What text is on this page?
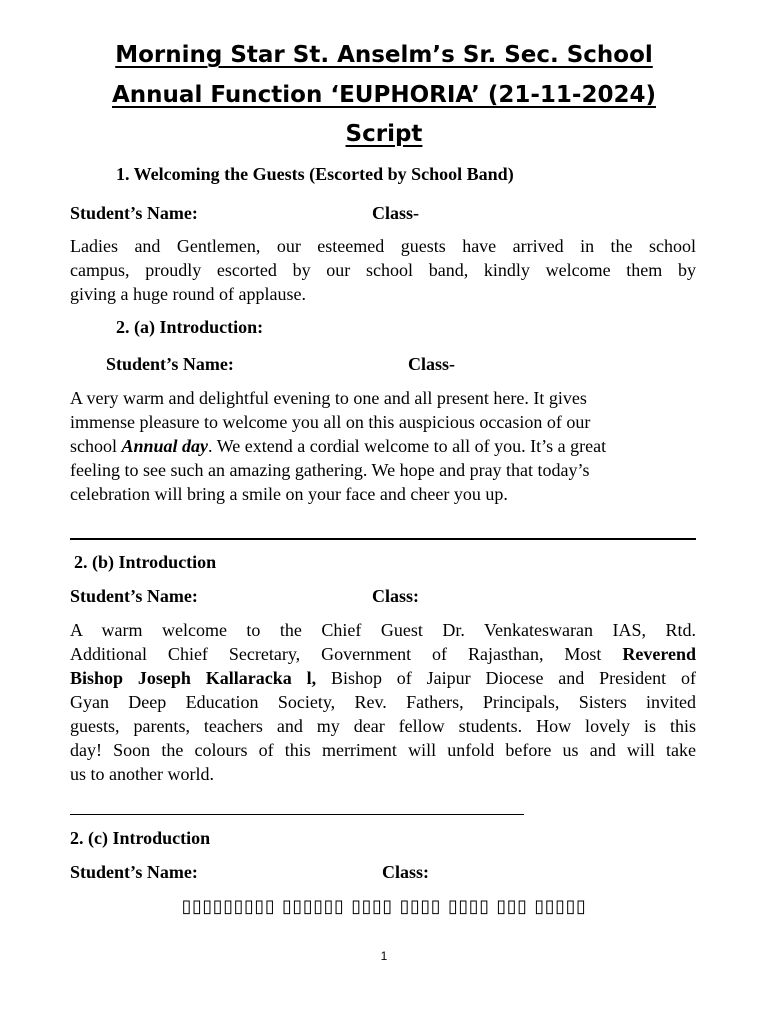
Morning Star St. Anselm’s Sr. Sec. School
Annual Function ‘EUPHORIA’ (21-11-2024)
Script
1. Welcoming the Guests (Escorted by School Band)
Student’s Name:	Class-
Ladies and Gentlemen, our esteemed guests have arrived in the school
campus, proudly escorted by our school band, kindly welcome them by
giving a huge round of applause.
2. (a) Introduction:
Student’s Name:	Class-
A very warm and delightful evening to one and all present here. It gives
immense pleasure to welcome you all on this auspicious occasion of our
school Annual day. We extend a cordial welcome to all of you. It’s a great
feeling to see such an amazing gathering. We hope and pray that today’s
celebration will bring a smile on your face and cheer you up.
2. (b) Introduction
Student’s Name:	Class:
A warm welcome to the Chief Guest Dr. Venkateswaran IAS, Rtd.
Additional Chief Secretary, Government of Rajasthan, Most Reverend
Bishop Joseph Kallaracka l, Bishop of Jaipur Diocese and President of
Gyan Deep Education Society, Rev. Fathers, Principals, Sisters invited
guests, parents, teachers and my dear fellow students. How lovely is this
day! Soon the colours of this merriment will unfold before us and will take
us to another world.
2. (c) Introduction
Student’s Name:	Class:
▯▯▯▯▯▯▯▯▯ ▯▯▯▯▯▯ ▯▯▯▯ ▯▯▯▯ ▯▯▯▯ ▯▯▯ ▯▯▯▯▯
1
